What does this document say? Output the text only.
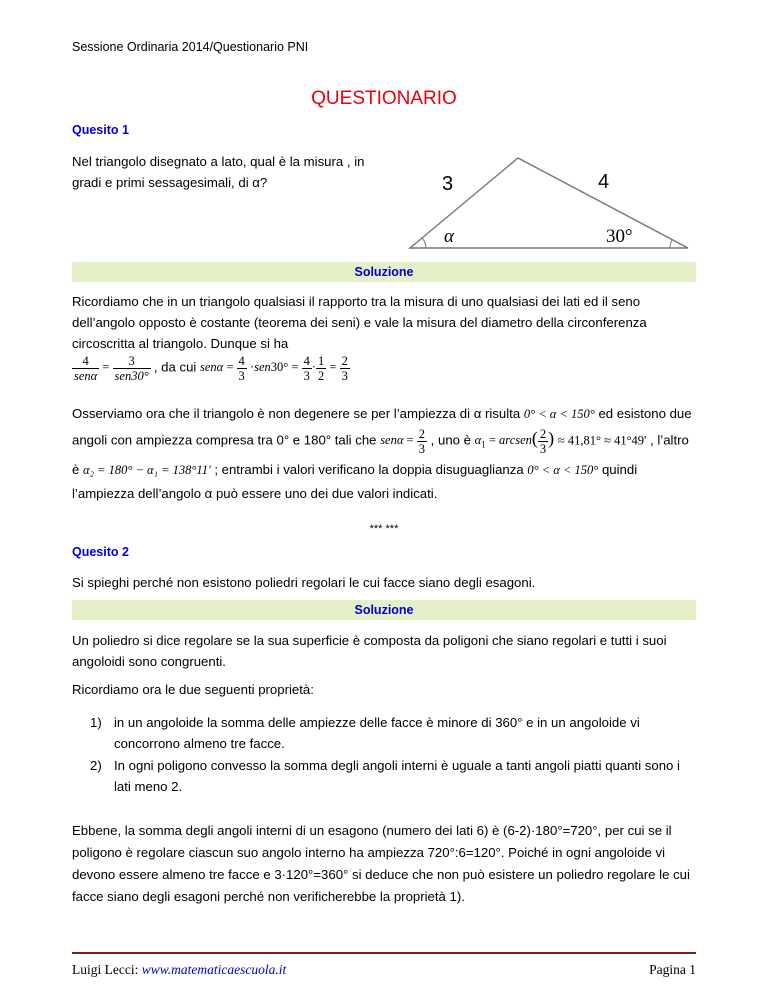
Sessione Ordinaria 2014/Questionario PNI
QUESTIONARIO
Quesito 1
Nel triangolo disegnato a lato, qual è la misura , in
gradi e primi sessagesimali, di α?	3	4
α	30°
Soluzione
Ricordiamo che in un triangolo qualsiasi il rapporto tra la misura di uno qualsiasi dei lati ed il seno dell’angolo opposto è costante (teorema dei seni) e vale la misura del diametro della circonferenza circoscritta al triangolo. Dunque si ha
$\frac{4}{\text{senα}} = \frac{3}{\text{sen30°}}$ , da cui $sen\alpha = \frac{4}{3} \cdot sen30^\circ = \frac{4}{3} \cdot \frac{1}{2} = \frac{2}{3}$
Osserviamo ora che il triangolo è non degenere se per l’ampiezza di α risulta 0° < α < 150° ed esistono due
angoli con ampiezza compresa tra 0° e 180° tali che $sen\alpha = \frac{2}{3}$ , uno è $\alpha_1$ = arcsen( $\frac{2}{3}$ ) ≈ 41,81° ≈ 41°49' , l’altro
è α₂ = 180° − α₁ = 138°11' ; entrambi i valori verificano la doppia disuguaglianza 0° < α < 150° quindi
l’ampiezza dell’angolo α può essere uno dei due valori indicati.
*** ***
Quesito 2
Si spieghi perché non esistono poliedri regolari le cui facce siano degli esagoni.
Soluzione
Un poliedro si dice regolare se la sua superficie è composta da poligoni che siano regolari e tutti i suoi angoloidi sono congruenti.
Ricordiamo ora le due seguenti proprietà:
1) in un angoloide la somma delle ampiezze delle facce è minore di 360° e in un angoloide vi concorrono almeno tre facce.
2) In ogni poligono convesso la somma degli angoli interni è uguale a tanti angoli piatti quanti sono i lati meno 2.
Ebbene, la somma degli angoli interni di un esagono (numero dei lati 6) è (6-2)·180°=720°, per cui se il poligono è regolare ciascun suo angolo interno ha ampiezza 720°:6=120°. Poiché in ogni angoloide vi devono essere almeno tre facce e 3·120°=360° si deduce che non può esistere un poliedro regolare le cui facce siano degli esagoni perché non verificherebbe la proprietà 1).
Luigi Lecci: www.matematicaescuola.it	Pagina 1
